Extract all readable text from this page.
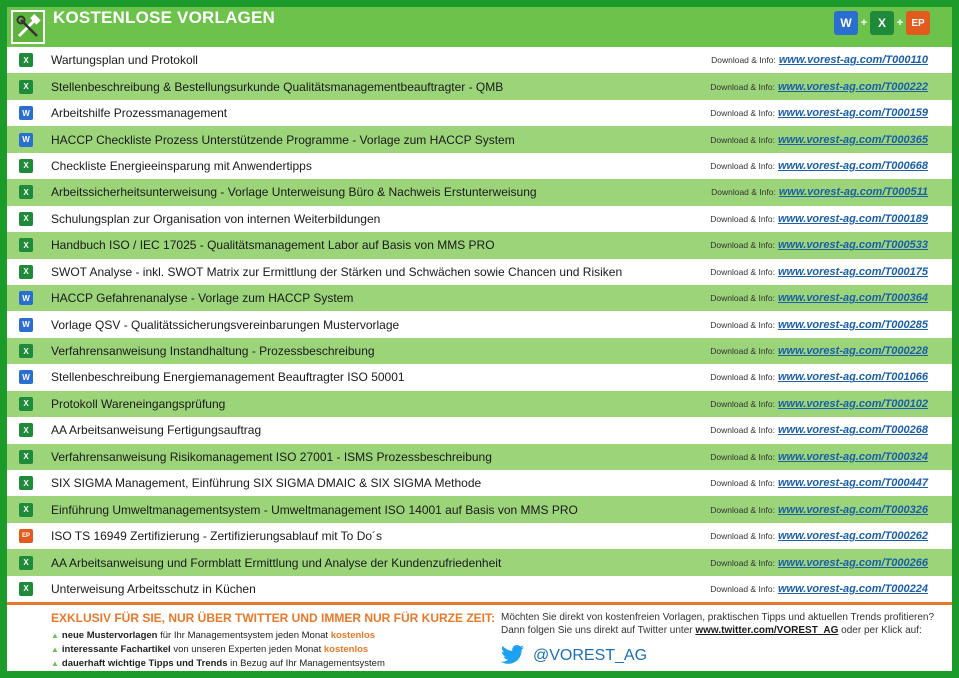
KOSTENLOSE VORLAGEN	W + X + EP
X	Wartungsplan und Protokoll	Download & Info: www.vorest-ag.com/T000110
X	Stellenbeschreibung & Bestellungsurkunde Qualitätsmanagementbeauftragter - QMB	Download & Info: www.vorest-ag.com/T000222
W Arbeitshilfe Prozessmanagement	Download & Info: www.vorest-ag.com/T000159
W HACCP Checkliste Prozess Unterstützende Programme - Vorlage zum HACCP System	Download & Info: www.vorest-ag.com/T000365
X	Checkliste Energieeinsparung mit Anwendertipps	Download & Info: www.vorest-ag.com/T000668
X	Arbeitssicherheitsunterweisung - Vorlage Unterweisung Büro & Nachweis Erstunterweisung	Download & Info: www.vorest-ag.com/T000511
X	Schulungsplan zur Organisation von internen Weiterbildungen	Download & Info: www.vorest-ag.com/T000189
X	Handbuch ISO / IEC 17025 - Qualitätsmanagement Labor auf Basis von MMS PRO	Download & Info: www.vorest-ag.com/T000533
X	SWOT Analyse - inkl. SWOT Matrix zur Ermittlung der Stärken und Schwächen sowie Chancen und Risiken	Download & Info: www.vorest-ag.com/T000175
W HACCP Gefahrenanalyse - Vorlage zum HACCP System	Download & Info: www.vorest-ag.com/T000364
W Vorlage QSV - Qualitätssicherungsvereinbarungen Mustervorlage	Download & Info: www.vorest-ag.com/T000285
X	Verfahrensanweisung Instandhaltung - Prozessbeschreibung	Download & Info: www.vorest-ag.com/T000228
W Stellenbeschreibung Energiemanagement Beauftragter ISO 50001	Download & Info: www.vorest-ag.com/T001066
X	Protokoll Wareneingangsprüfung	Download & Info: www.vorest-ag.com/T000102
X	AA Arbeitsanweisung Fertigungsauftrag	Download & Info: www.vorest-ag.com/T000268
X	Verfahrensanweisung Risikomanagement ISO 27001 - ISMS Prozessbeschreibung	Download & Info: www.vorest-ag.com/T000324
X	SIX SIGMA Management, Einführung SIX SIGMA DMAIC & SIX SIGMA Methode	Download & Info: www.vorest-ag.com/T000447
X	Einführung Umweltmanagementsystem - Umweltmanagement ISO 14001 auf Basis von MMS PRO	Download & Info: www.vorest-ag.com/T000326
EP ISO TS 16949 Zertifizierung - Zertifizierungsablauf mit To Do´s	Download & Info: www.vorest-ag.com/T000262
X	AA Arbeitsanweisung und Formblatt Ermittlung und Analyse der Kundenzufriedenheit	Download & Info: www.vorest-ag.com/T000266
X	Unterweisung Arbeitsschutz in Küchen	Download & Info: www.vorest-ag.com/T000224
EXKLUSIV FÜR SIE, NUR ÜBER TWITTER UND IMMER NUR FÜR KURZE ZEIT:
▲ neue Mustervorlagen für Ihr Managementsystem jeden Monat kostenlos
▲ interessante Fachartikel von unseren Experten jeden Monat kostenlos
▲ dauerhaft wichtige Tipps und Trends in Bezug auf Ihr Managementsystem
Möchten Sie direkt von kostenfreien Vorlagen, praktischen Tipps und aktuellen Trends profitieren?
Dann folgen Sie uns direkt auf Twitter unter www.twitter.com/VOREST_AG oder per Klick auf:
@VOREST_AG
